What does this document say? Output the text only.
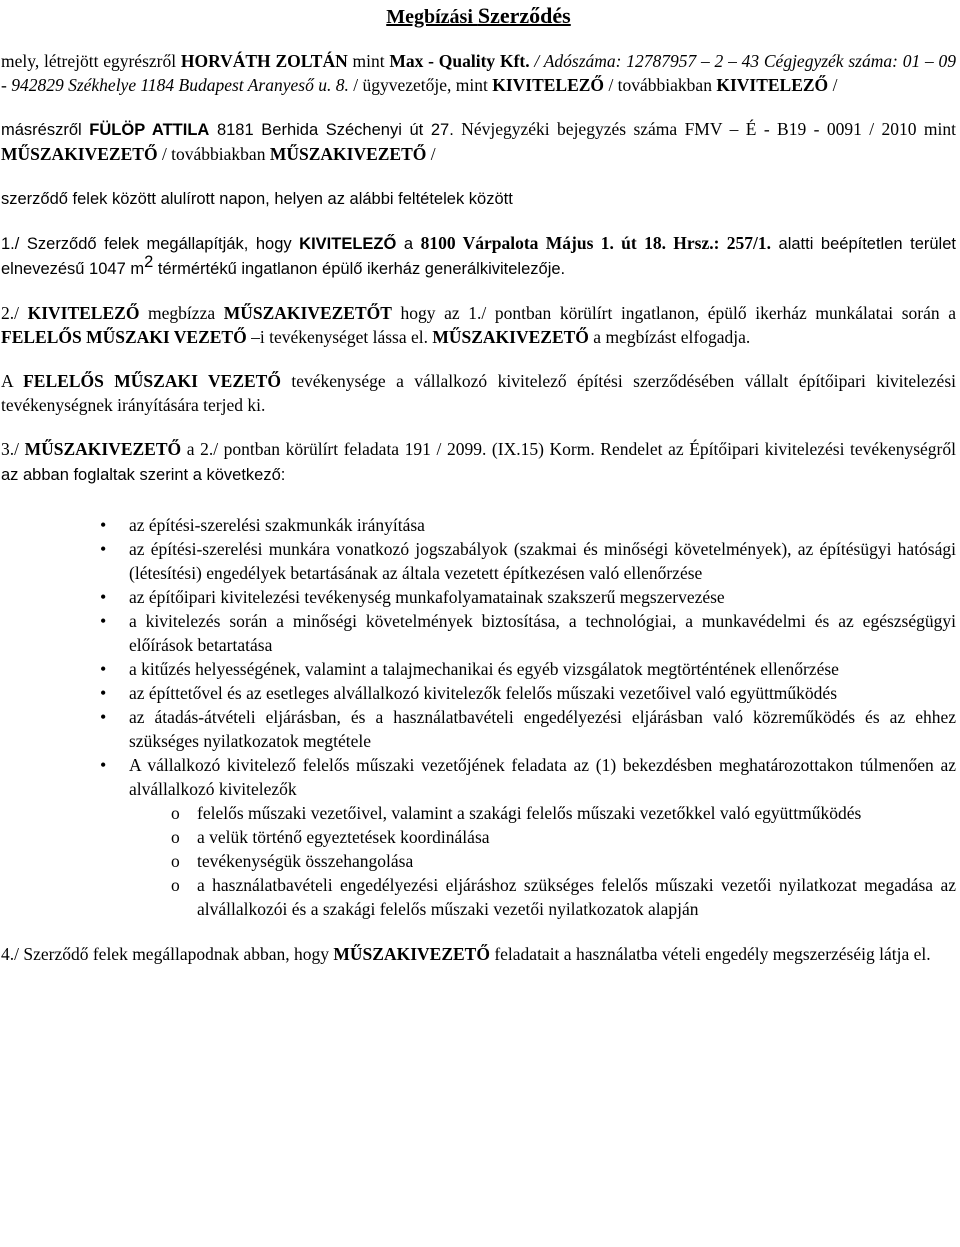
Megbízási Szerződés

mely, létrejött egyrészről HORVÁTH ZOLTÁN mint Max - Quality Kft. / Adószáma: 12787957 – 2 – 43 Cégjegyzék száma: 01 – 09 - 942829 Székhelye 1184 Budapest Aranyeső u. 8. / ügyvezetője, mint KIVITELEZŐ / továbbiakban KIVITELEZŐ /

másrészről FÜLÖP ATTILA 8181 Berhida Széchenyi út 27. Névjegyzéki bejegyzés száma FMV – É - B19 - 0091 / 2010 mint MŰSZAKIVEZETŐ / továbbiakban MŰSZAKIVEZETŐ /

szerződő felek között alulírott napon, helyen az alábbi feltételek között

1./ Szerződő felek megállapítják, hogy KIVITELEZŐ a 8100 Várpalota Május 1. út 18. Hrsz.: 257/1. alatti beépítetlen terület elnevezésű 1047 $m^2$ térmértékű ingatlanon épülő ikerház generálkivitelezője.

2./ KIVITELEZŐ megbízza MŰSZAKIVEZETŐT hogy az 1./ pontban körülírt ingatlanon, épülő ikerház munkálatai során a FELELŐS MŰSZAKI VEZETŐ –i tevékenységet lássa el. MŰSZAKIVEZETŐ a megbízást elfogadja.

A FELELŐS MŰSZAKI VEZETŐ tevékenysége a vállalkozó kivitelező építési szerződésében vállalt építőipari kivitelezési tevékenységnek irányítására terjed ki.

3./ MŰSZAKIVEZETŐ a 2./ pontban körülírt feladata 191 / 2099. (IX.15) Korm. Rendelet az Építőipari kivitelezési tevékenységről az abban foglaltak szerint a következő:

• az építési-szerelési szakmunkák irányítása
• az építési-szerelési munkára vonatkozó jogszabályok (szakmai és minőségi követelmények), az építésügyi hatósági (létesítési) engedélyek betartásának az általa vezetett építkezésen való ellenőrzése
• az építőipari kivitelezési tevékenység munkafolyamatainak szakszerű megszervezése
• a kivitelezés során a minőségi követelmények biztosítása, a technológiai, a munkavédelmi és az egészségügyi előírások betartatása
• a kitűzés helyességének, valamint a talajmechanikai és egyéb vizsgálatok megtörténtének ellenőrzése
• az építtetővel és az esetleges alvállalkozó kivitelezők felelős műszaki vezetőivel való együttműködés
• az átadás-átvételi eljárásban, és a használatbavételi engedélyezési eljárásban való közreműködés és az ehhez szükséges nyilatkozatok megtétele
• A vállalkozó kivitelező felelős műszaki vezetőjének feladata az (1) bekezdésben meghatározottakon túlmenően az alvállalkozó kivitelezők
o felelős műszaki vezetőivel, valamint a szakági felelős műszaki vezetőkkel való együttműködés
o a velük történő egyeztetések koordinálása
o tevékenységük összehangolása
o a használatbavételi engedélyezési eljáráshoz szükséges felelős műszaki vezetői nyilatkozat megadása az alvállalkozói és a szakági felelős műszaki vezetői nyilatkozatok alapján

4./ Szerződő felek megállapodnak abban, hogy MŰSZAKIVEZETŐ feladatait a használatba vételi engedély megszerzéséig látja el.
